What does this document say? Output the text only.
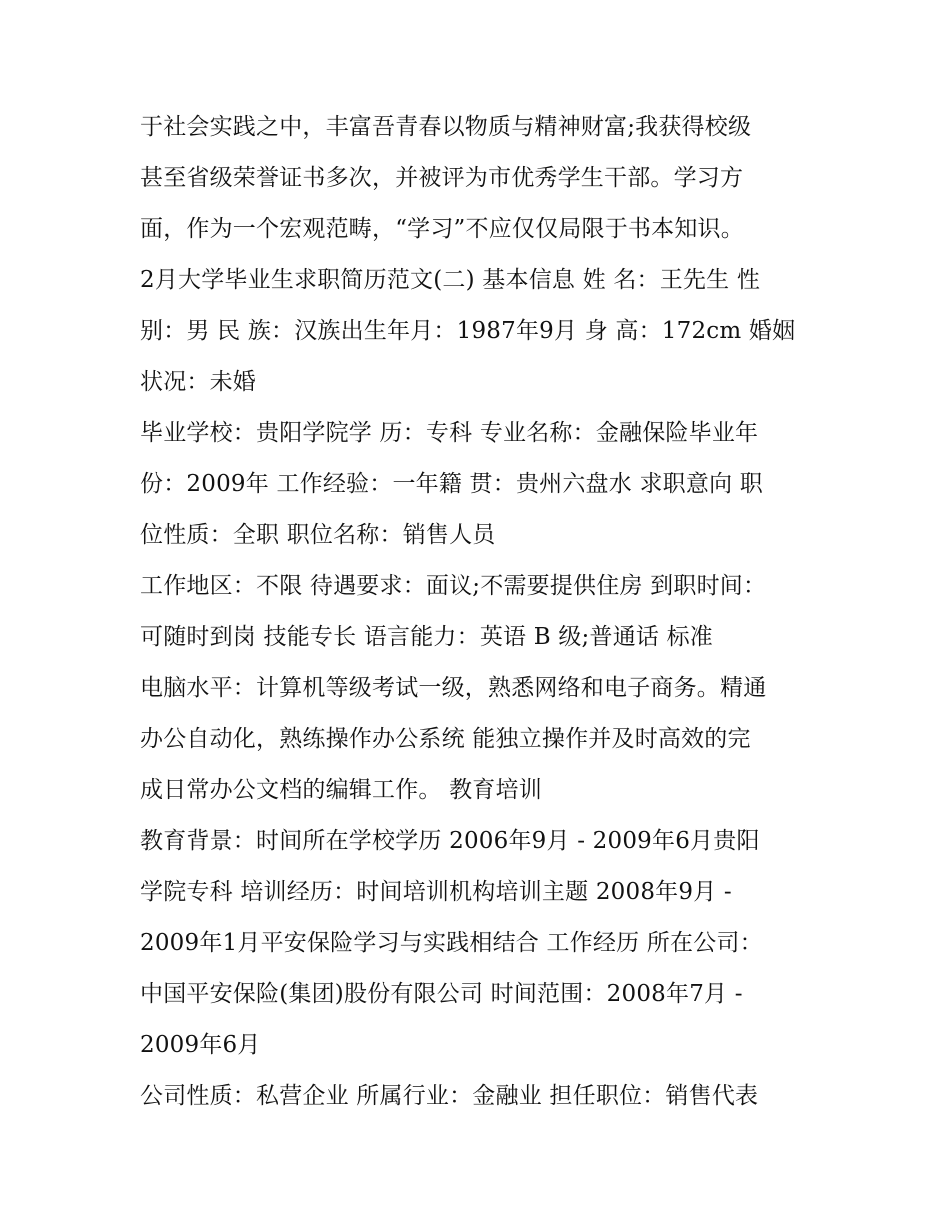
于社会实践之中，丰富吾青春以物质与精神财富;我获得校级
甚至省级荣誉证书多次，并被评为市优秀学生干部。学习方
面，作为一个宏观范畴，“学习”不应仅仅局限于书本知识。
2月大学毕业生求职简历范文(二) 基本信息 姓 名：王先生 性
别：男 民 族：汉族出生年月：1987年9月 身 高：172cm 婚姻
状况：未婚
毕业学校：贵阳学院学 历：专科 专业名称：金融保险毕业年
份：2009年 工作经验：一年籍 贯：贵州六盘水 求职意向 职
位性质：全职 职位名称：销售人员
工作地区：不限 待遇要求：面议;不需要提供住房 到职时间：
可随时到岗 技能专长 语言能力：英语 B 级;普通话 标准
电脑水平：计算机等级考试一级，熟悉网络和电子商务。精通
办公自动化，熟练操作办公系统 能独立操作并及时高效的完
成日常办公文档的编辑工作。 教育培训
教育背景：时间所在学校学历 2006年9月 - 2009年6月贵阳
学院专科 培训经历：时间培训机构培训主题 2008年9月 -
2009年1月平安保险学习与实践相结合 工作经历 所在公司：
中国平安保险(集团)股份有限公司 时间范围：2008年7月 -
2009年6月
公司性质：私营企业 所属行业：金融业 担任职位：销售代表
